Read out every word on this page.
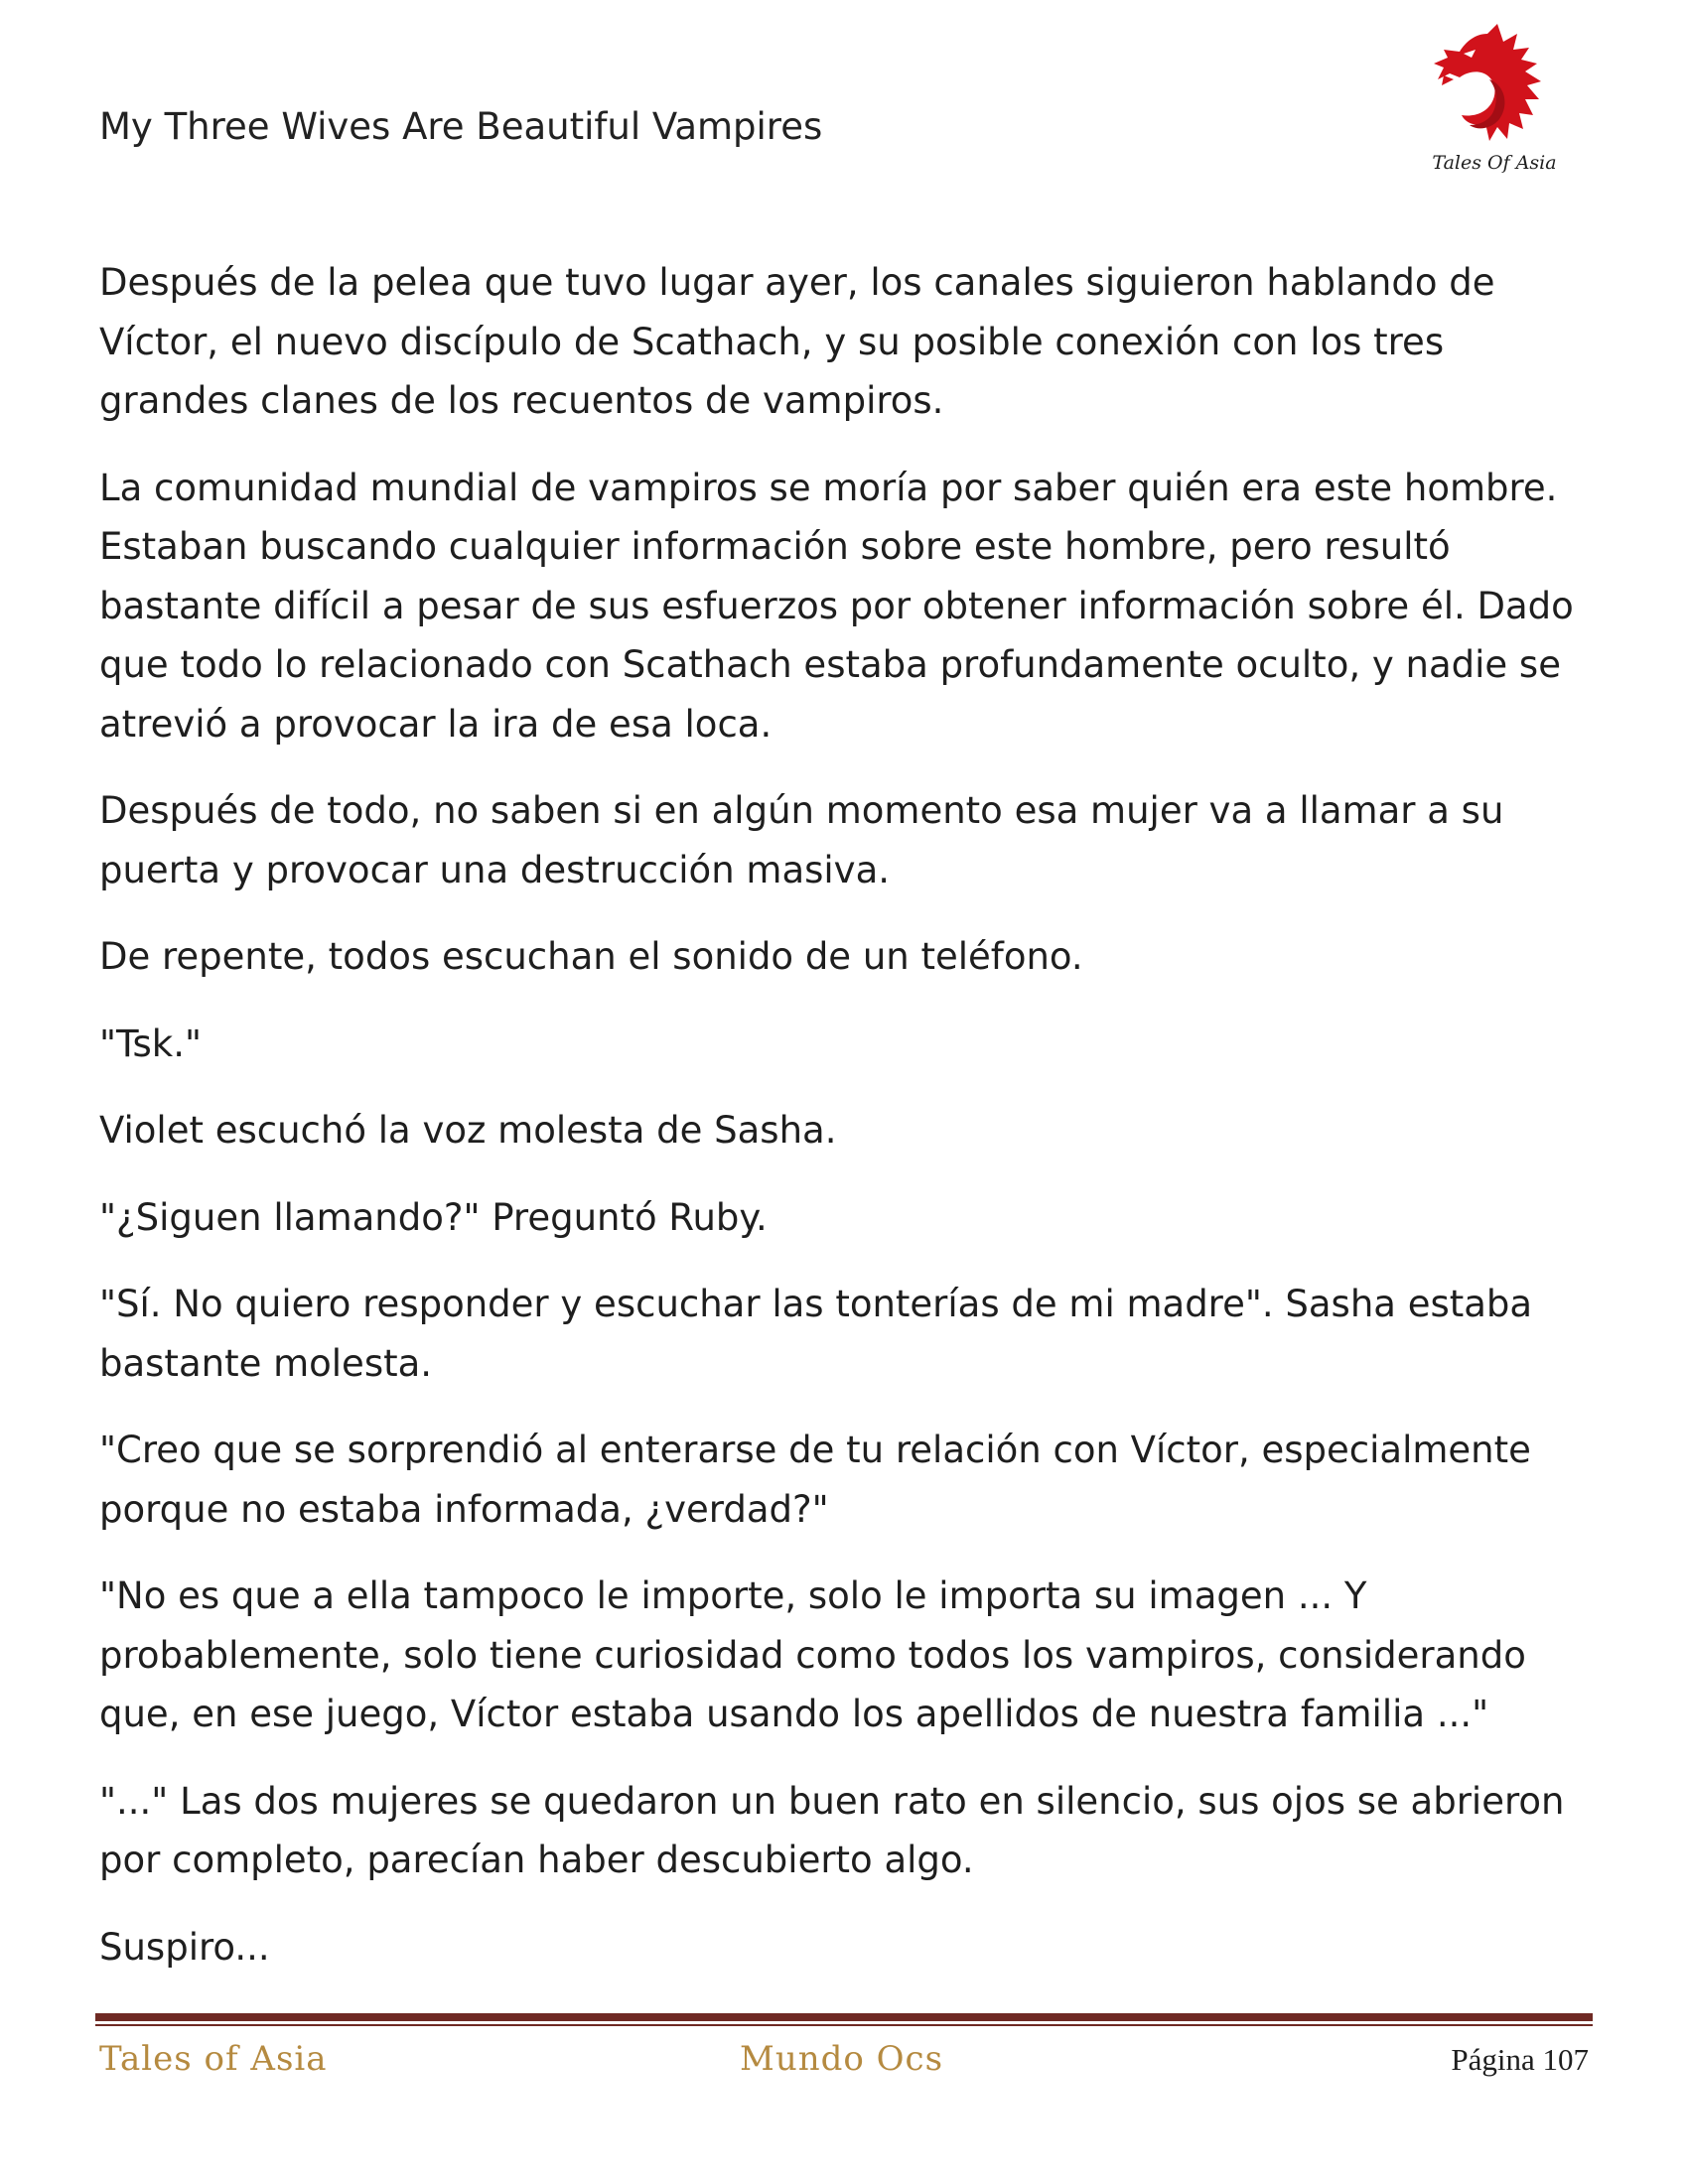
My Three Wives Are Beautiful Vampires
Tales Of Asia

Después de la pelea que tuvo lugar ayer, los canales siguieron hablando de Víctor, el nuevo discípulo de Scathach, y su posible conexión con los tres grandes clanes de los recuentos de vampiros.

La comunidad mundial de vampiros se moría por saber quién era este hombre. Estaban buscando cualquier información sobre este hombre, pero resultó bastante difícil a pesar de sus esfuerzos por obtener información sobre él. Dado que todo lo relacionado con Scathach estaba profundamente oculto, y nadie se atrevió a provocar la ira de esa loca.

Después de todo, no saben si en algún momento esa mujer va a llamar a su puerta y provocar una destrucción masiva.

De repente, todos escuchan el sonido de un teléfono.

"Tsk."

Violet escuchó la voz molesta de Sasha.

"¿Siguen llamando?" Preguntó Ruby.

"Sí. No quiero responder y escuchar las tonterías de mi madre". Sasha estaba bastante molesta.

"Creo que se sorprendió al enterarse de tu relación con Víctor, especialmente porque no estaba informada, ¿verdad?"

"No es que a ella tampoco le importe, solo le importa su imagen ... Y probablemente, solo tiene curiosidad como todos los vampiros, considerando que, en ese juego, Víctor estaba usando los apellidos de nuestra familia ..."

"..." Las dos mujeres se quedaron un buen rato en silencio, sus ojos se abrieron por completo, parecían haber descubierto algo.

Suspiro...

Tales of Asia	Mundo Ocs	Página 107
